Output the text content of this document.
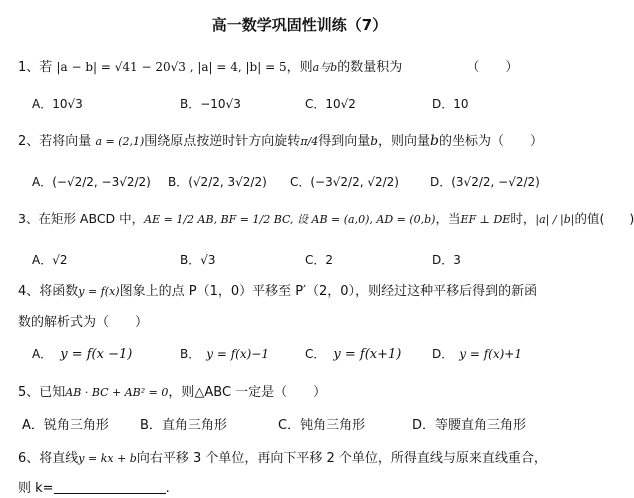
高一数学巩固性训练（7）
1、若 |a − b| = √41 − 20√3 , |a| = 4, |b| = 5，则a与b的数量积为	（　　）
A．10√3	B．−10√3	C．10√2	D．10
2、若将向量 a = (2,1)围绕原点按逆时针方向旋转π/4得到向量b，则向量b的坐标为（　　）
A．(−√2/2, −3√2/2) B．(√2/2, 3√2/2) C．(−3√2/2, √2/2)	D．(3√2/2, −√2/2)
3、在矩形 ABCD 中，AE = 1/2 AB, BF = 1/2 BC, 设 AB = (a,0), AD = (0,b)，当EF ⊥ DE时，|a| / |b|的值(　　)
A．√2	B．√3	C．2	D．3
4、将函数y = f(x)图象上的点 P（1，0）平移至 P′（2，0），则经过这种平移后得到的新函
数的解析式为（　　）
A． y = f(x −1)	B． y = f(x)−1	C． y = f(x+1)	D． y = f(x)+1
5、已知AB · BC + AB² = 0，则△ABC 一定是（　　）
A．锐角三角形 B．直角三角形	C．钝角三角形	D．等腰直角三角形
6、将直线y = kx + b向右平移 3 个单位，再向下平移 2 个单位，所得直线与原来直线重合，
则 k=	.
